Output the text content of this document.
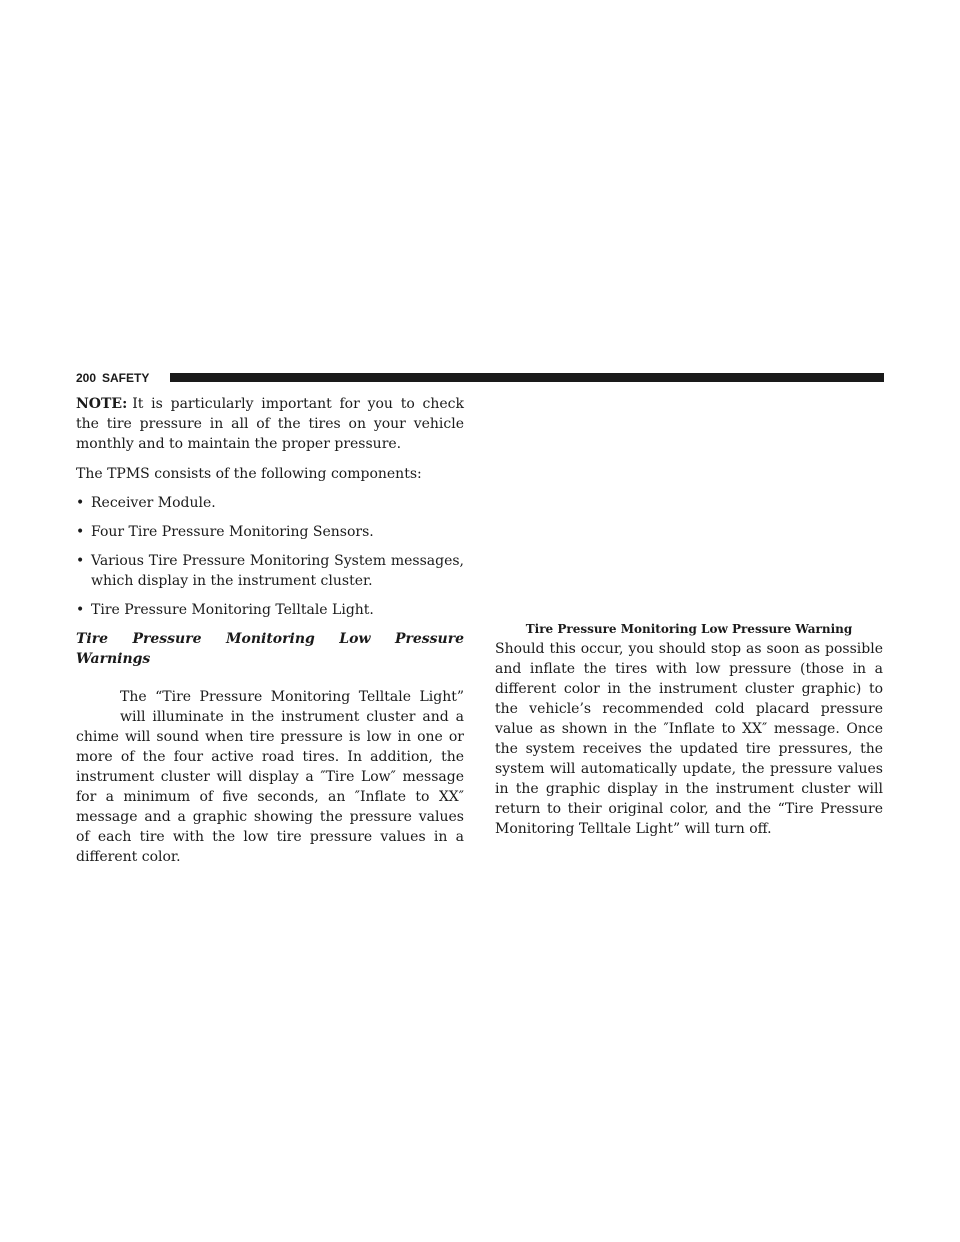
200 SAFETY

NOTE: It is particularly important for you to check the tire pressure in all of the tires on your vehicle monthly and to maintain the proper pressure.

The TPMS consists of the following components:

• Receiver Module.
• Four Tire Pressure Monitoring Sensors.
• Various Tire Pressure Monitoring System messages, which display in the instrument cluster.
• Tire Pressure Monitoring Telltale Light.

Tire Pressure Monitoring Low Pressure Warnings

The “Tire Pressure Monitoring Telltale Light” will illuminate in the instrument cluster and a chime will sound when tire pressure is low in one or more of the four active road tires. In addition, the instrument cluster will display a ″Tire Low″ message for a minimum of five seconds, an ″Inflate to XX″ message and a graphic showing the pressure values of each tire with the low tire pressure values in a different color.

Tire Pressure Monitoring Low Pressure Warning

Should this occur, you should stop as soon as possible and inflate the tires with low pressure (those in a different color in the instrument cluster graphic) to the vehicle’s recommended cold placard pressure value as shown in the ″Inflate to XX″ message. Once the system receives the updated tire pressures, the system will automatically update, the pressure values in the graphic display in the instrument cluster will return to their original color, and the “Tire Pressure Monitoring Telltale Light” will turn off.
